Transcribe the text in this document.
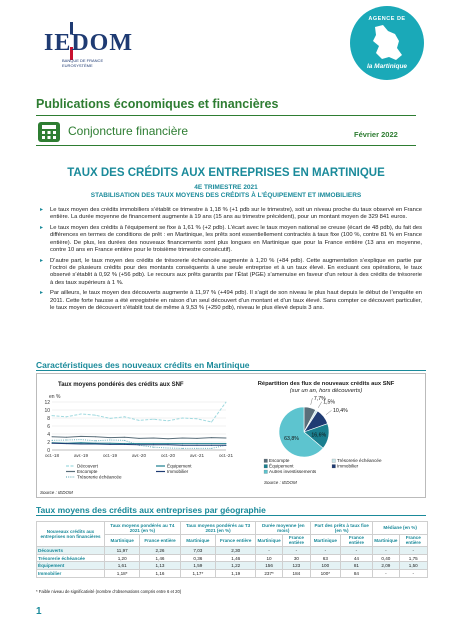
IEDOM
BANQUE DE FRANCE EUROSYSTÈME
AGENCE DE
la Martinique
Publications économiques et financières
Conjoncture financière	Février 2022
TAUX DES CRÉDITS AUX ENTREPRISES EN MARTINIQUE
4E TRIMESTRE 2021
STABILISATION DES TAUX MOYENS DES CRÉDITS À L’ÉQUIPEMENT ET IMMOBILIERS

▸ Le taux moyen des crédits immobiliers s’établit ce trimestre à 1,18 % (+1 pdb sur le trimestre), soit un niveau proche du taux observé en France entière. La durée moyenne de financement augmente à 19 ans (15 ans au trimestre précédent), pour un montant moyen de 329 841 euros.

▸ Le taux moyen des crédits à l’équipement se fixe à 1,61 % (+2 pdb). L’écart avec le taux moyen national se creuse (écart de 48 pdb), du fait des différences en termes de conditions de prêt : en Martinique, les prêts sont essentiellement contractés à taux fixe (100 %, contre 81 % en France entière). De plus, les durées des nouveaux financements sont plus longues en Martinique que pour la France entière (13 ans en moyenne, contre 10 ans en France entière pour le troisième trimestre consécutif).

▸ D’autre part, le taux moyen des crédits de trésorerie échéancée augmente à 1,20 % (+84 pdb). Cette augmentation s’explique en partie par l’octroi de plusieurs crédits pour des montants conséquents à une seule entreprise et à un taux élevé. En excluant ces opérations, le taux observé s’établit à 0,92 % (+56 pdb). Le recours aux prêts garantis par l’État (PGE) s’amenuise en faveur d’un retour à des crédits de trésorerie à des taux supérieurs à 1 %.

▸ Par ailleurs, le taux moyen des découverts augmente à 11,97 % (+494 pdb). Il s’agit de son niveau le plus haut depuis le début de l’enquête en 2011. Cette forte hausse a été enregistrée en raison d’un seul découvert d’un montant et d’un taux élevé. Sans compter ce découvert particulier, le taux moyen de découvert s’établit tout de même à 9,53 % (+250 pdb), niveau le plus élevé depuis 3 ans.

Caractéristiques des nouveaux crédits en Martinique
Taux moyens pondérés des crédits aux SNF
en %
0
2
4
6
8
10
12
oct.-18	avr.-19	oct.-19	avr.-20	oct.-20	avr.-21	oct.-21
Découvert
Escompte
Trésorerie échéancée
Équipement
Immobilier
Source : IEDOM
Répartition des flux de nouveaux crédits aux SNF (sur un an, hors découverts)
7,7%
1,5%
10,4%
16,6%
63,8%
Escompte	Trésorerie échéancée
Équipement	Immobilier
Autres investissements
Source : IEDOM
Taux moyens des crédits aux entreprises par géographie
Nouveaux crédits aux entreprises non financières	Taux moyens pondérés au T4 2021 (en %)		Taux moyens pondérés au T3 2021 (en %)		Durée moyenne (en mois)		Part des prêts à taux fixe (en %)		Médiane (en %)	
	Martinique	France entière	Martinique	France entière	Martinique	France entière	Martinique	France entière	Martinique	France entière
Découverts	11,97	2,26	7,03	2,30	-	-	-	-	-	-
Trésorerie échéancée	1,20	1,46	0,36	1,46	10	30	63	44	0,40	1,75
Équipement	1,61	1,13	1,59	1,22	156	123	100	81	2,09	1,50
Immobilier	1,18*	1,16	1,17*	1,19	237*	184	100*	84	-	-
* Faible niveau de significativité (nombre d’observations compris entre 6 et 20)
1
